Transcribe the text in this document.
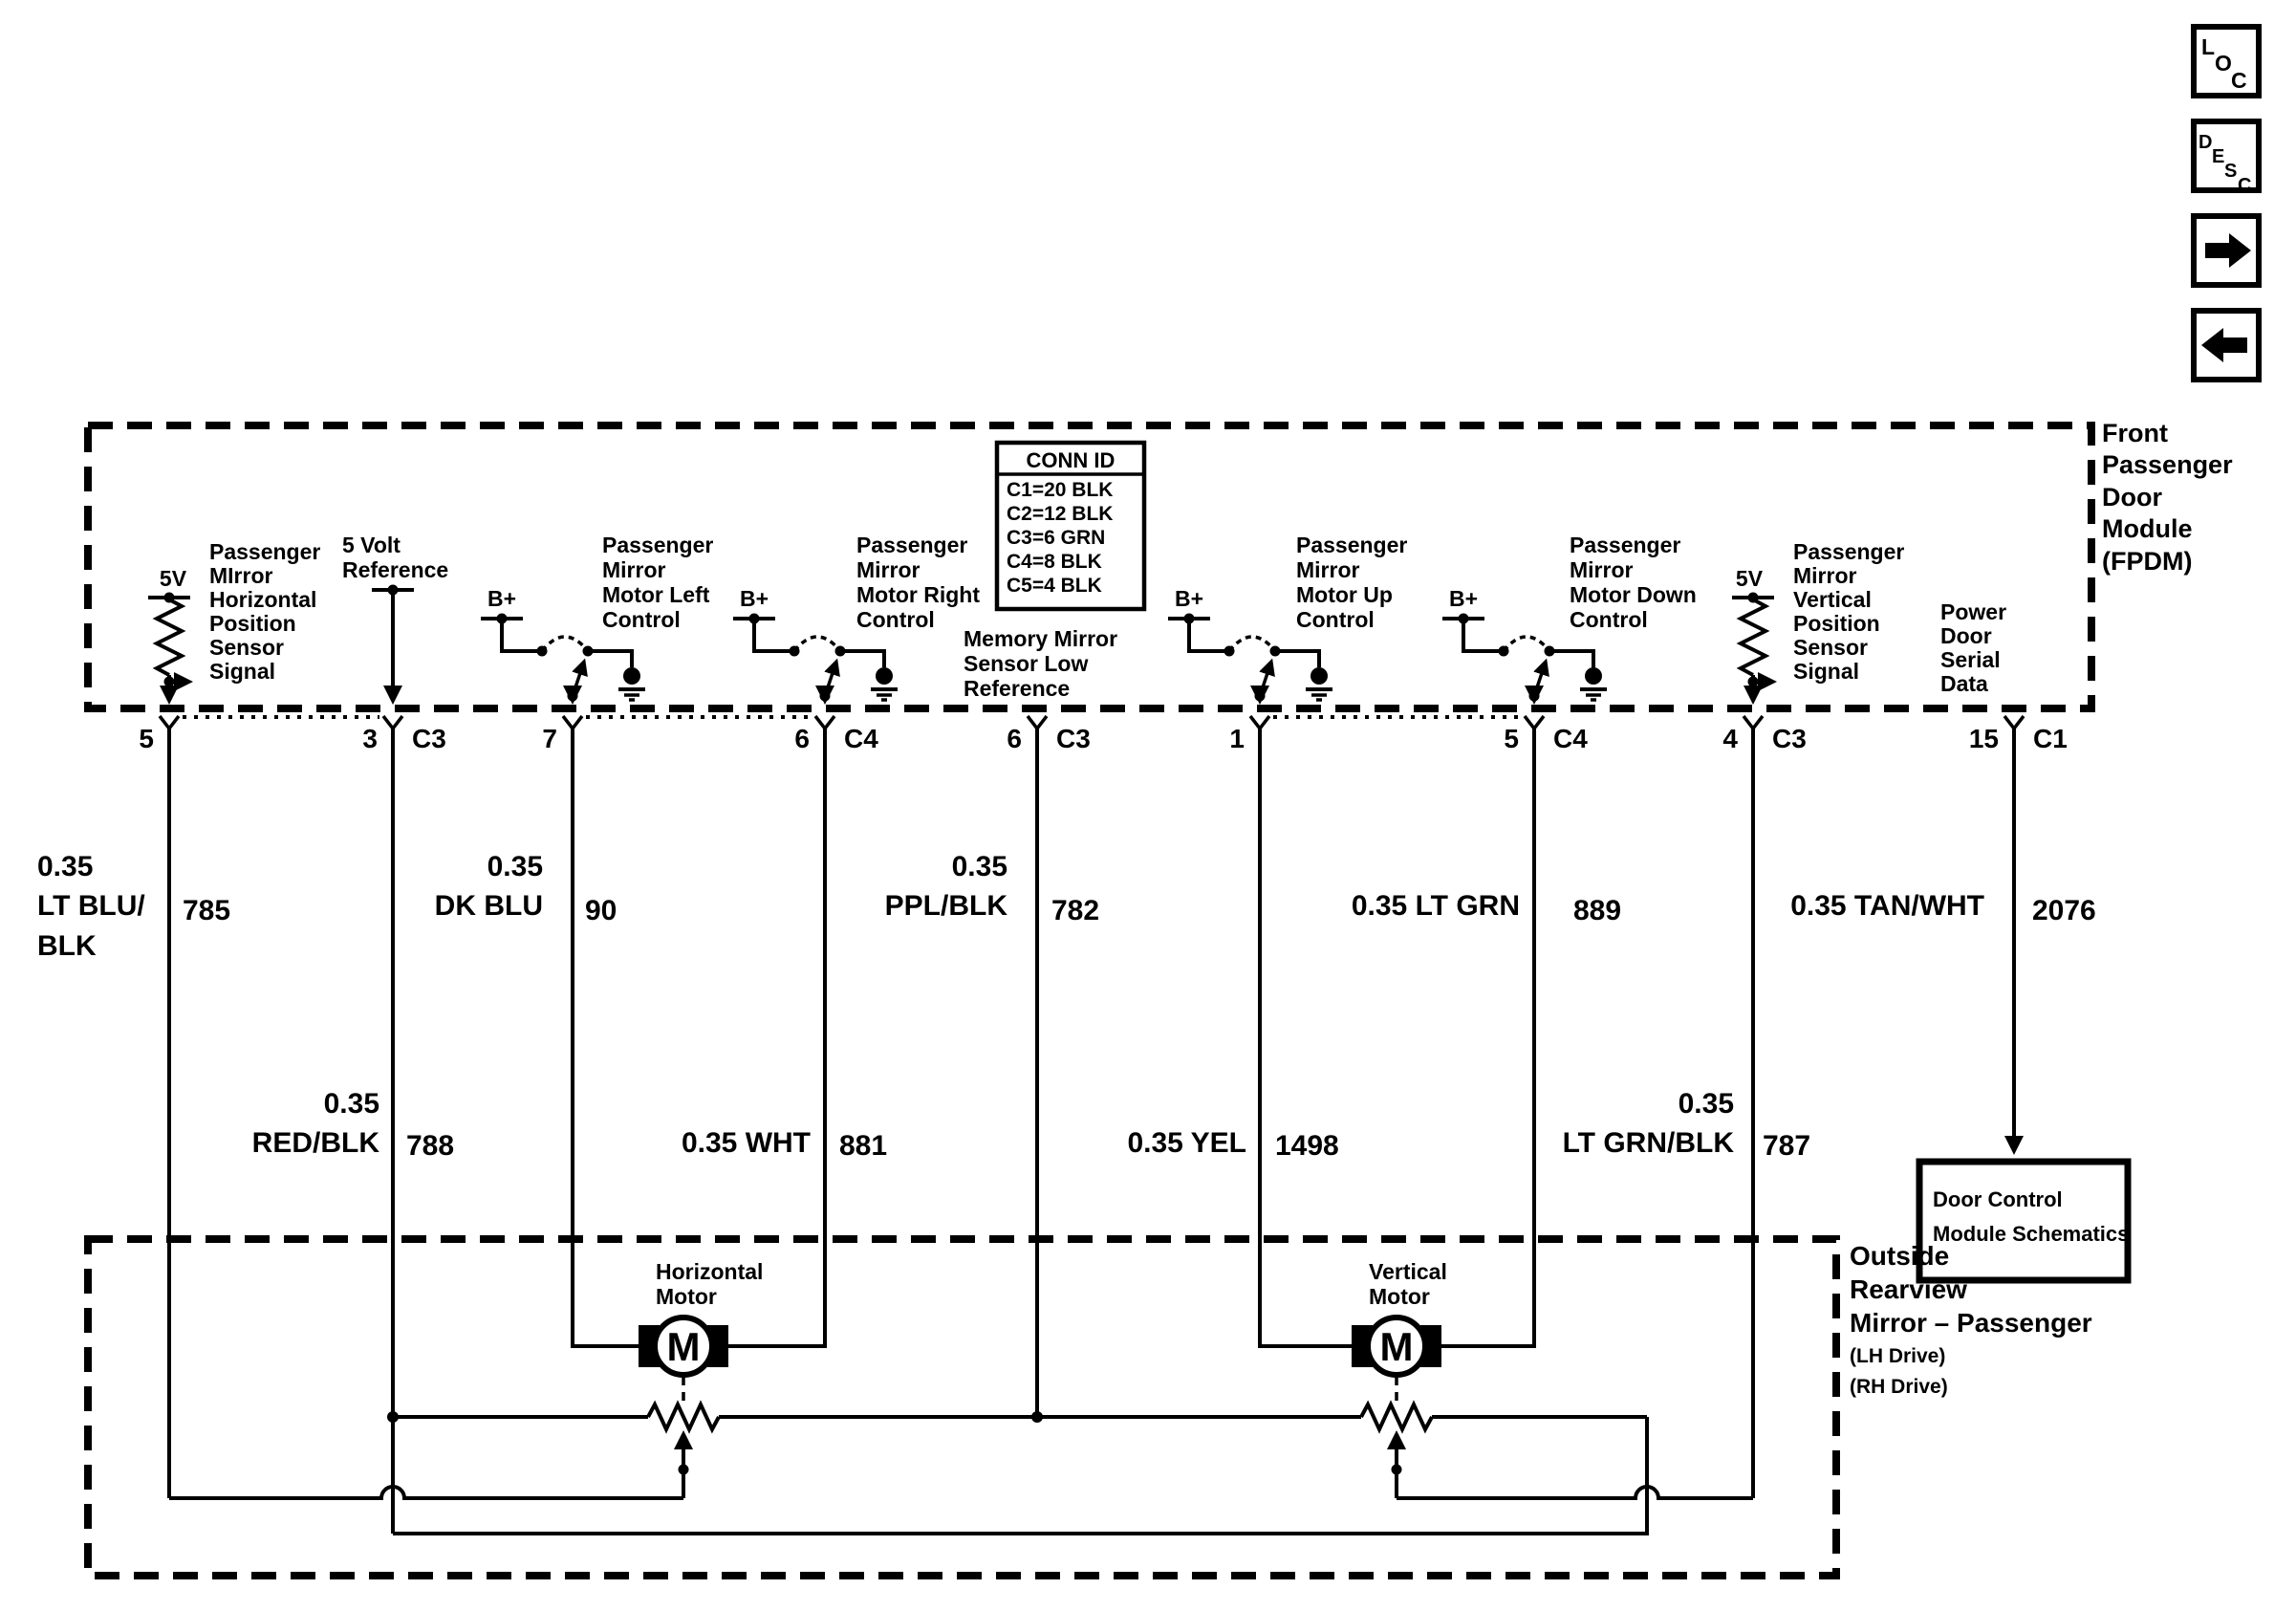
Front
Passenger
Door
Module
(FPDM)
CONN ID
C1=20 BLK
C2=12 BLK
C3=6 GRN
C4=8 BLK
C5=4 BLK
5V
Passenger
MIrror
Horizontal
Position
Sensor
Signal
5 Volt
Reference
B+
Passenger
Mirror
Motor Left
Control
B+
Passenger
Mirror
Motor Right
Control
Memory Mirror
Sensor Low
Reference
B+
Passenger
Mirror
Motor Up
Control
B+
Passenger
Mirror
Motor Down
Control
5V
Passenger
Mirror
Vertical
Position
Sensor
Signal
Power
Door
Serial
Data
5	3 C3	7	6 C4	6 C3	1	5 C4	4 C3	15 C1
0.35
LT BLU/
BLK
785
0.35
RED/BLK 788
0.35
DK BLU 90
0.35 WHT 881
0.35
PPL/BLK 782
0.35 YEL 1498
0.35 LT GRN 889
0.35
LT GRN/BLK 787
0.35 TAN/WHT 2076
Door Control
Module Schematics
Outside
Rearview
Mirror – Passenger
(LH Drive)
(RH Drive)
Horizontal
Motor
M
Vertical
Motor
M
L
O
C
D
E
S
C
